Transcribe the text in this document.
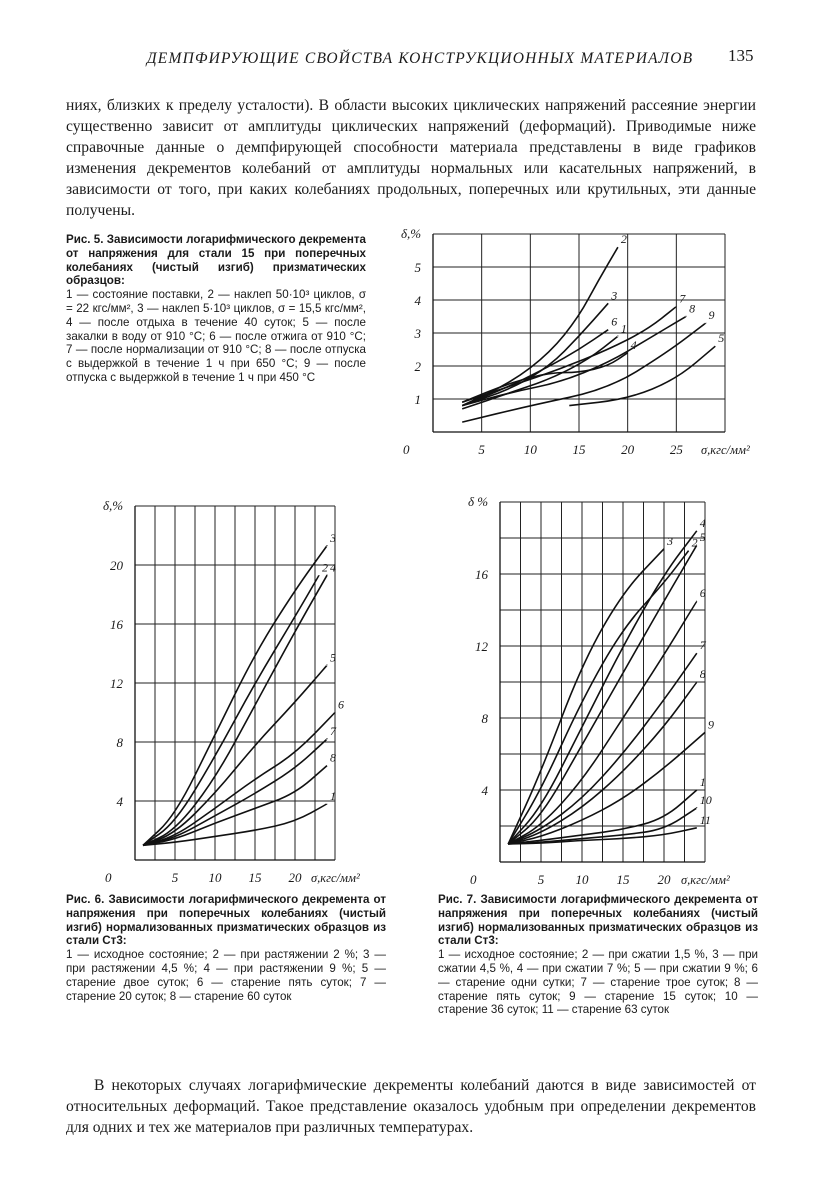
ДЕМПФИРУЮЩИЕ СВОЙСТВА КОНСТРУКЦИОННЫХ МАТЕРИАЛОВ	135
ниях, близких к пределу усталости). В области высоких циклических напряжений рассеяние энергии существенно зависит от амплитуды циклических напряжений (деформаций). Приводимые ниже справочные данные о демпфирующей способности материала представлены в виде графиков изменения декрементов колебаний от амплитуды нормальных или касательных напряжений, в зависимости от того, при каких колебаниях продольных, поперечных или крутильных, эти данные получены.
Рис. 5. Зависимости логарифмического декремента от напряжения для стали 15 при поперечных колебаниях (чистый изгиб) призматических образцов:
1 — состояние поставки, 2 — наклеп 50·10³ циклов, σ = 22 кгс/мм², 3 — наклеп 5·10³ циклов, σ = 15,5 кгс/мм², 4 — после отдыха в течение 40 суток; 5 — после закалки в воду от 910 °С; 6 — после отжига от 910 °С; 7 — после нормализации от 910 °С; 8 — после отпуска с выдержкой в течение 1 ч при 650 °С; 9 — после отпуска с выдержкой в течение 1 ч при 450 °С
5	10	15	20	25
1
2
3
4
5
0	σ,кгс/мм²
δ,%
1
2
3
4	5
6
7
8 9
5 10 15 20
4
8
12
16
20
0	σ,кгс/мм²
δ,%
1
2
3
4
5
6
7
8
5 10 15 20
4
8
12
16
0	σ,кгс/мм²
δ %
1
2
3
4
5
6
7
8
9
10
11
Рис. 6. Зависимости логарифмического декремента от напряжения при поперечных колебаниях (чистый изгиб) нормализованных призматических образцов из стали Ст3:
1 — исходное состояние; 2 — при растяжении 2 %; 3 — при растяжении 4,5 %; 4 — при растяжении 9 %; 5 — старение двое суток; 6 — старение пять суток; 7 — старение 20 суток; 8 — старение 60 суток
Рис. 7. Зависимости логарифмического декремента от напряжения при поперечных колебаниях (чистый изгиб) нормализованных призматических образцов из стали Ст3:
1 — исходное состояние; 2 — при сжатии 1,5 %, 3 — при сжатии 4,5 %, 4 — при сжатии 7 %; 5 — при сжатии 9 %; 6 — старение одни сутки; 7 — старение трое суток; 8 — старение пять суток; 9 — старение 15 суток; 10 — старение 36 суток; 11 — старение 63 суток
В некоторых случаях логарифмические декременты колебаний даются в виде зависимостей от относительных деформаций. Такое представление оказалось удобным при определении декрементов для одних и тех же материалов при различных температурах.
